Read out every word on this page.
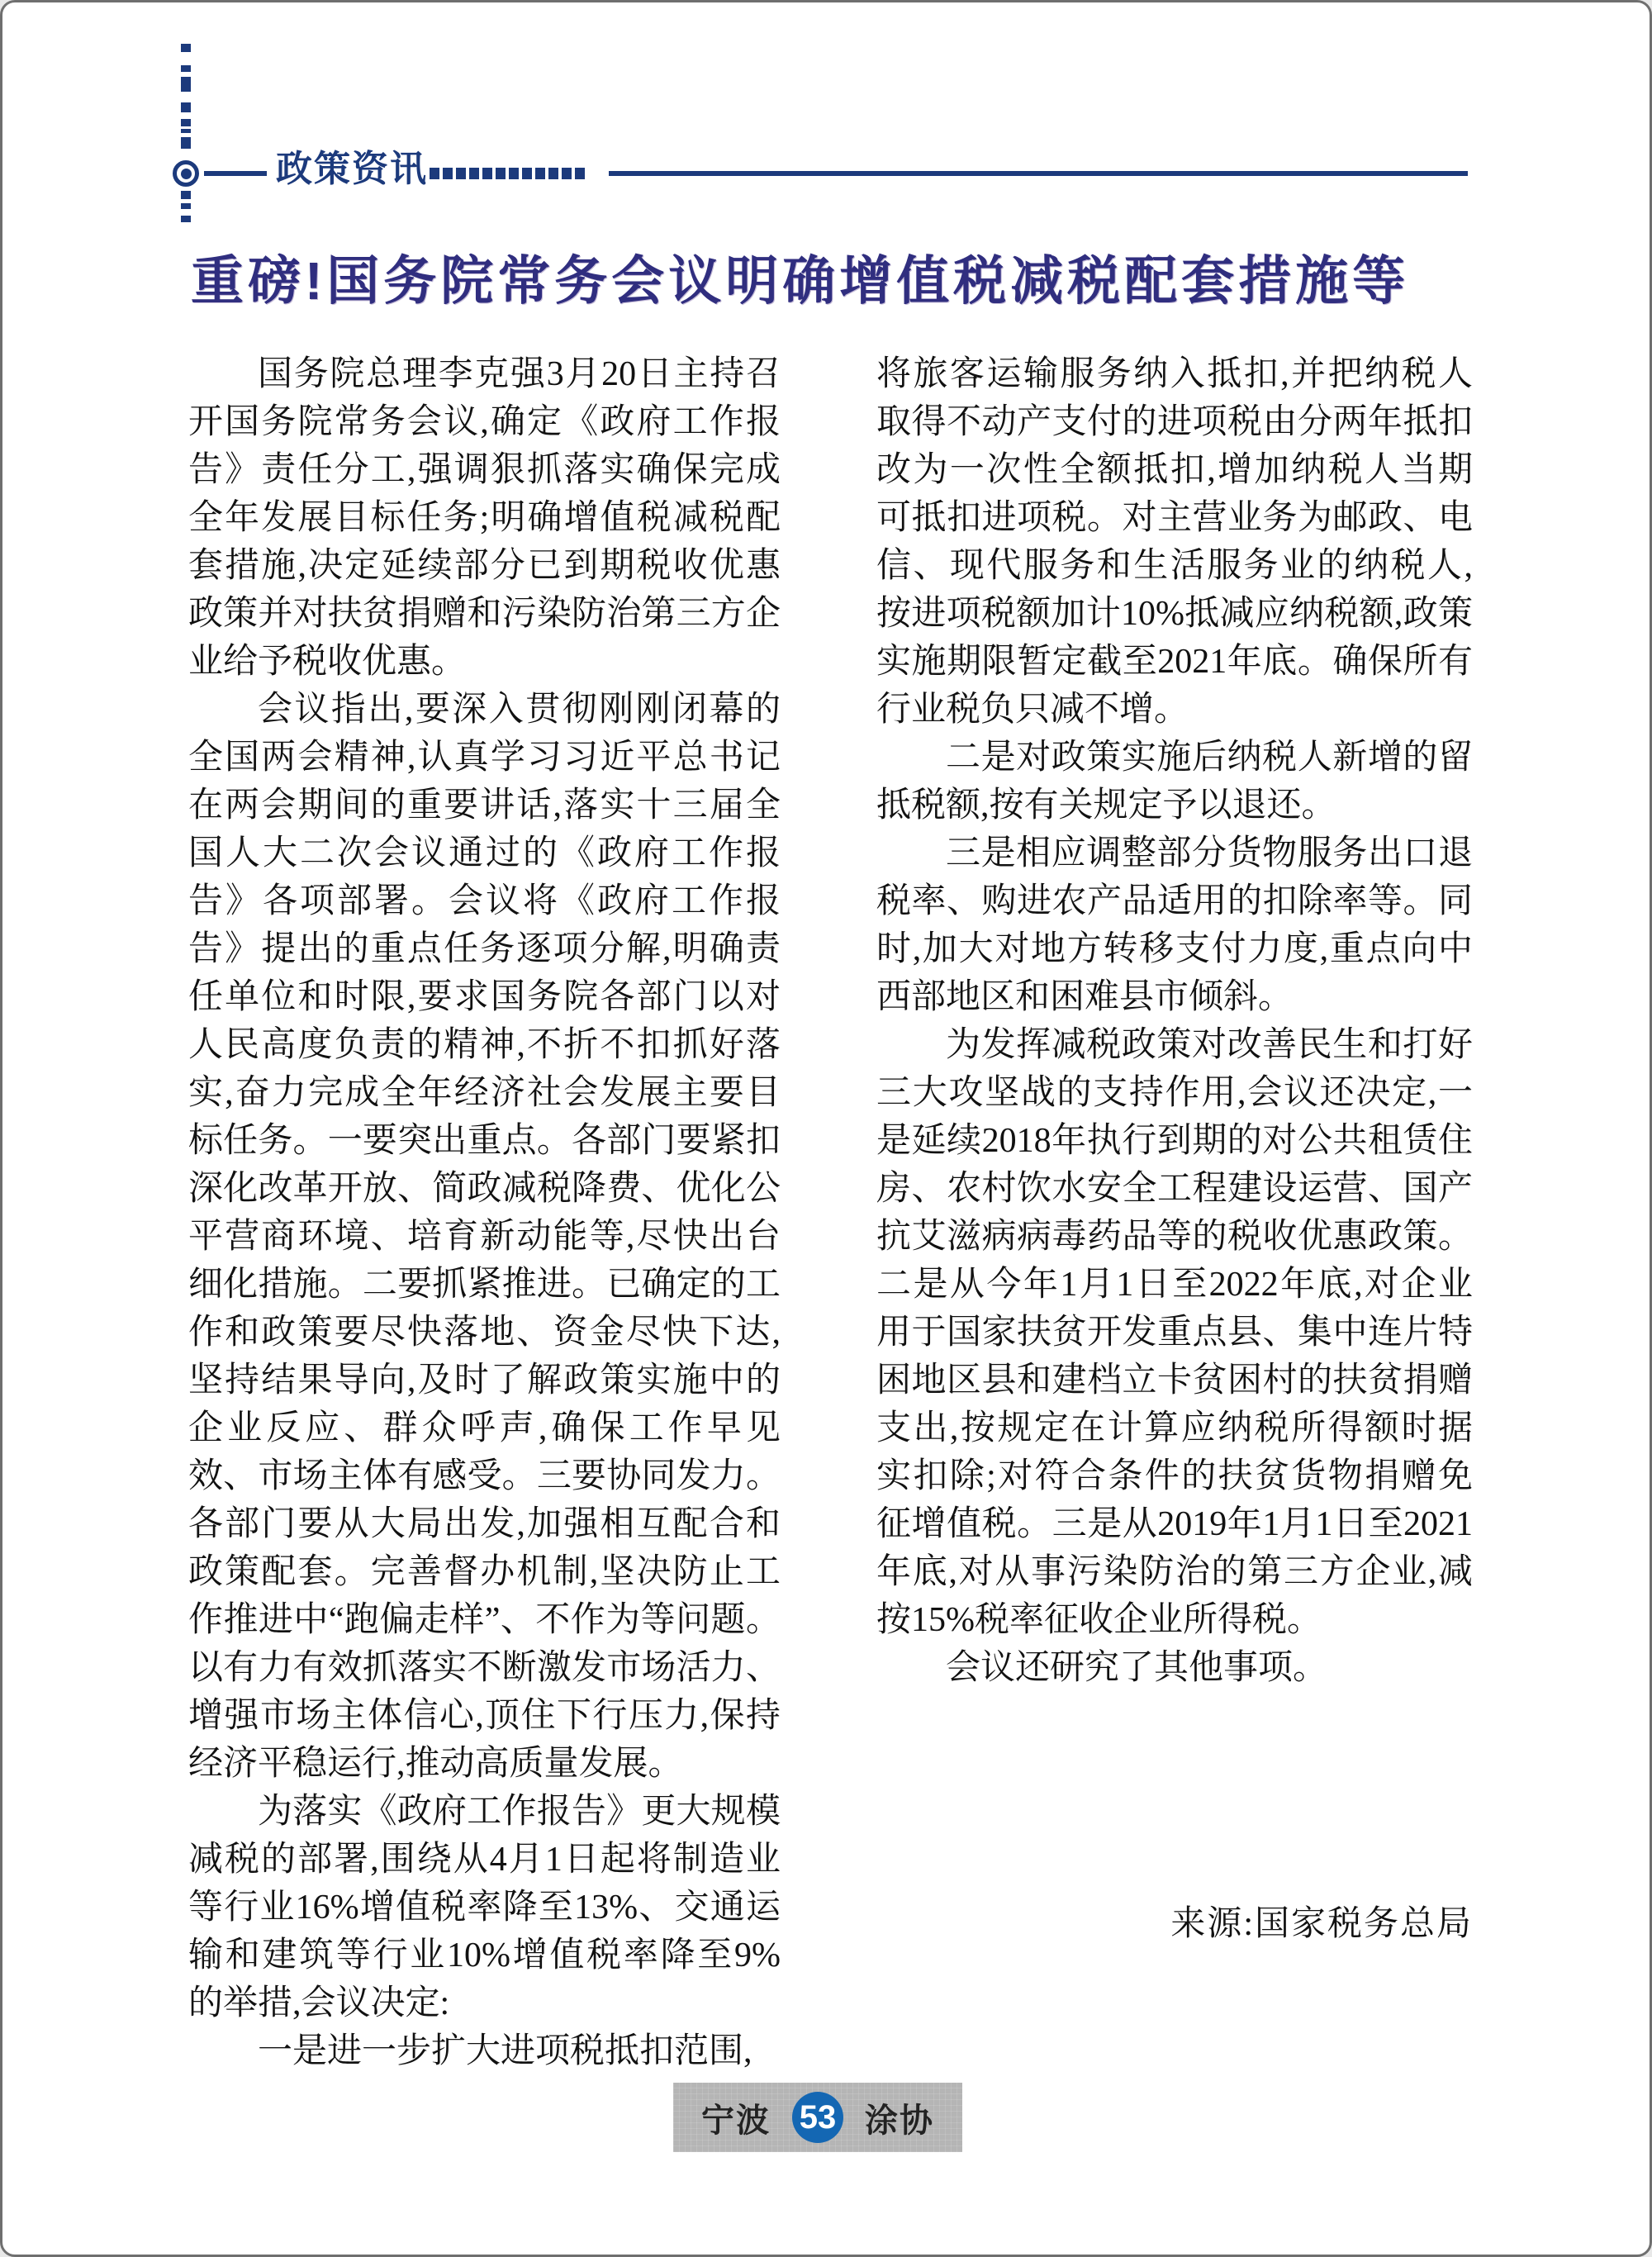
政策资讯
重磅!国务院常务会议明确增值税减税配套措施等

国务院总理李克强3月20日主持召开国务院常务会议,确定《政府工作报告》责任分工,强调狠抓落实确保完成全年发展目标任务;明确增值税减税配套措施,决定延续部分已到期税收优惠政策并对扶贫捐赠和污染防治第三方企业给予税收优惠。

会议指出,要深入贯彻刚刚闭幕的全国两会精神,认真学习习近平总书记在两会期间的重要讲话,落实十三届全国人大二次会议通过的《政府工作报告》各项部署。会议将《政府工作报告》提出的重点任务逐项分解,明确责任单位和时限,要求国务院各部门以对人民高度负责的精神,不折不扣抓好落实,奋力完成全年经济社会发展主要目标任务。一要突出重点。各部门要紧扣深化改革开放、简政减税降费、优化公平营商环境、培育新动能等,尽快出台细化措施。二要抓紧推进。已确定的工作和政策要尽快落地、资金尽快下达,坚持结果导向,及时了解政策实施中的企业反应、群众呼声,确保工作早见效、市场主体有感受。三要协同发力。各部门要从大局出发,加强相互配合和政策配套。完善督办机制,坚决防止工作推进中“跑偏走样”、不作为等问题。以有力有效抓落实不断激发市场活力、增强市场主体信心,顶住下行压力,保持经济平稳运行,推动高质量发展。

为落实《政府工作报告》更大规模减税的部署,围绕从4月1日起将制造业等行业16%增值税率降至13%、交通运输和建筑等行业10%增值税率降至9%的举措,会议决定:

一是进一步扩大进项税抵扣范围,

将旅客运输服务纳入抵扣,并把纳税人取得不动产支付的进项税由分两年抵扣改为一次性全额抵扣,增加纳税人当期可抵扣进项税。对主营业务为邮政、电信、现代服务和生活服务业的纳税人,按进项税额加计10%抵减应纳税额,政策实施期限暂定截至2021年底。确保所有行业税负只减不增。

二是对政策实施后纳税人新增的留抵税额,按有关规定予以退还。

三是相应调整部分货物服务出口退税率、购进农产品适用的扣除率等。同时,加大对地方转移支付力度,重点向中西部地区和困难县市倾斜。

为发挥减税政策对改善民生和打好三大攻坚战的支持作用,会议还决定,一是延续2018年执行到期的对公共租赁住房、农村饮水安全工程建设运营、国产抗艾滋病病毒药品等的税收优惠政策。二是从今年1月1日至2022年底,对企业用于国家扶贫开发重点县、集中连片特困地区县和建档立卡贫困村的扶贫捐赠支出,按规定在计算应纳税所得额时据实扣除;对符合条件的扶贫货物捐赠免征增值税。三是从2019年1月1日至2021年底,对从事污染防治的第三方企业,减按15%税率征收企业所得税。

会议还研究了其他事项。

来源:国家税务总局
宁波 53 涂协
